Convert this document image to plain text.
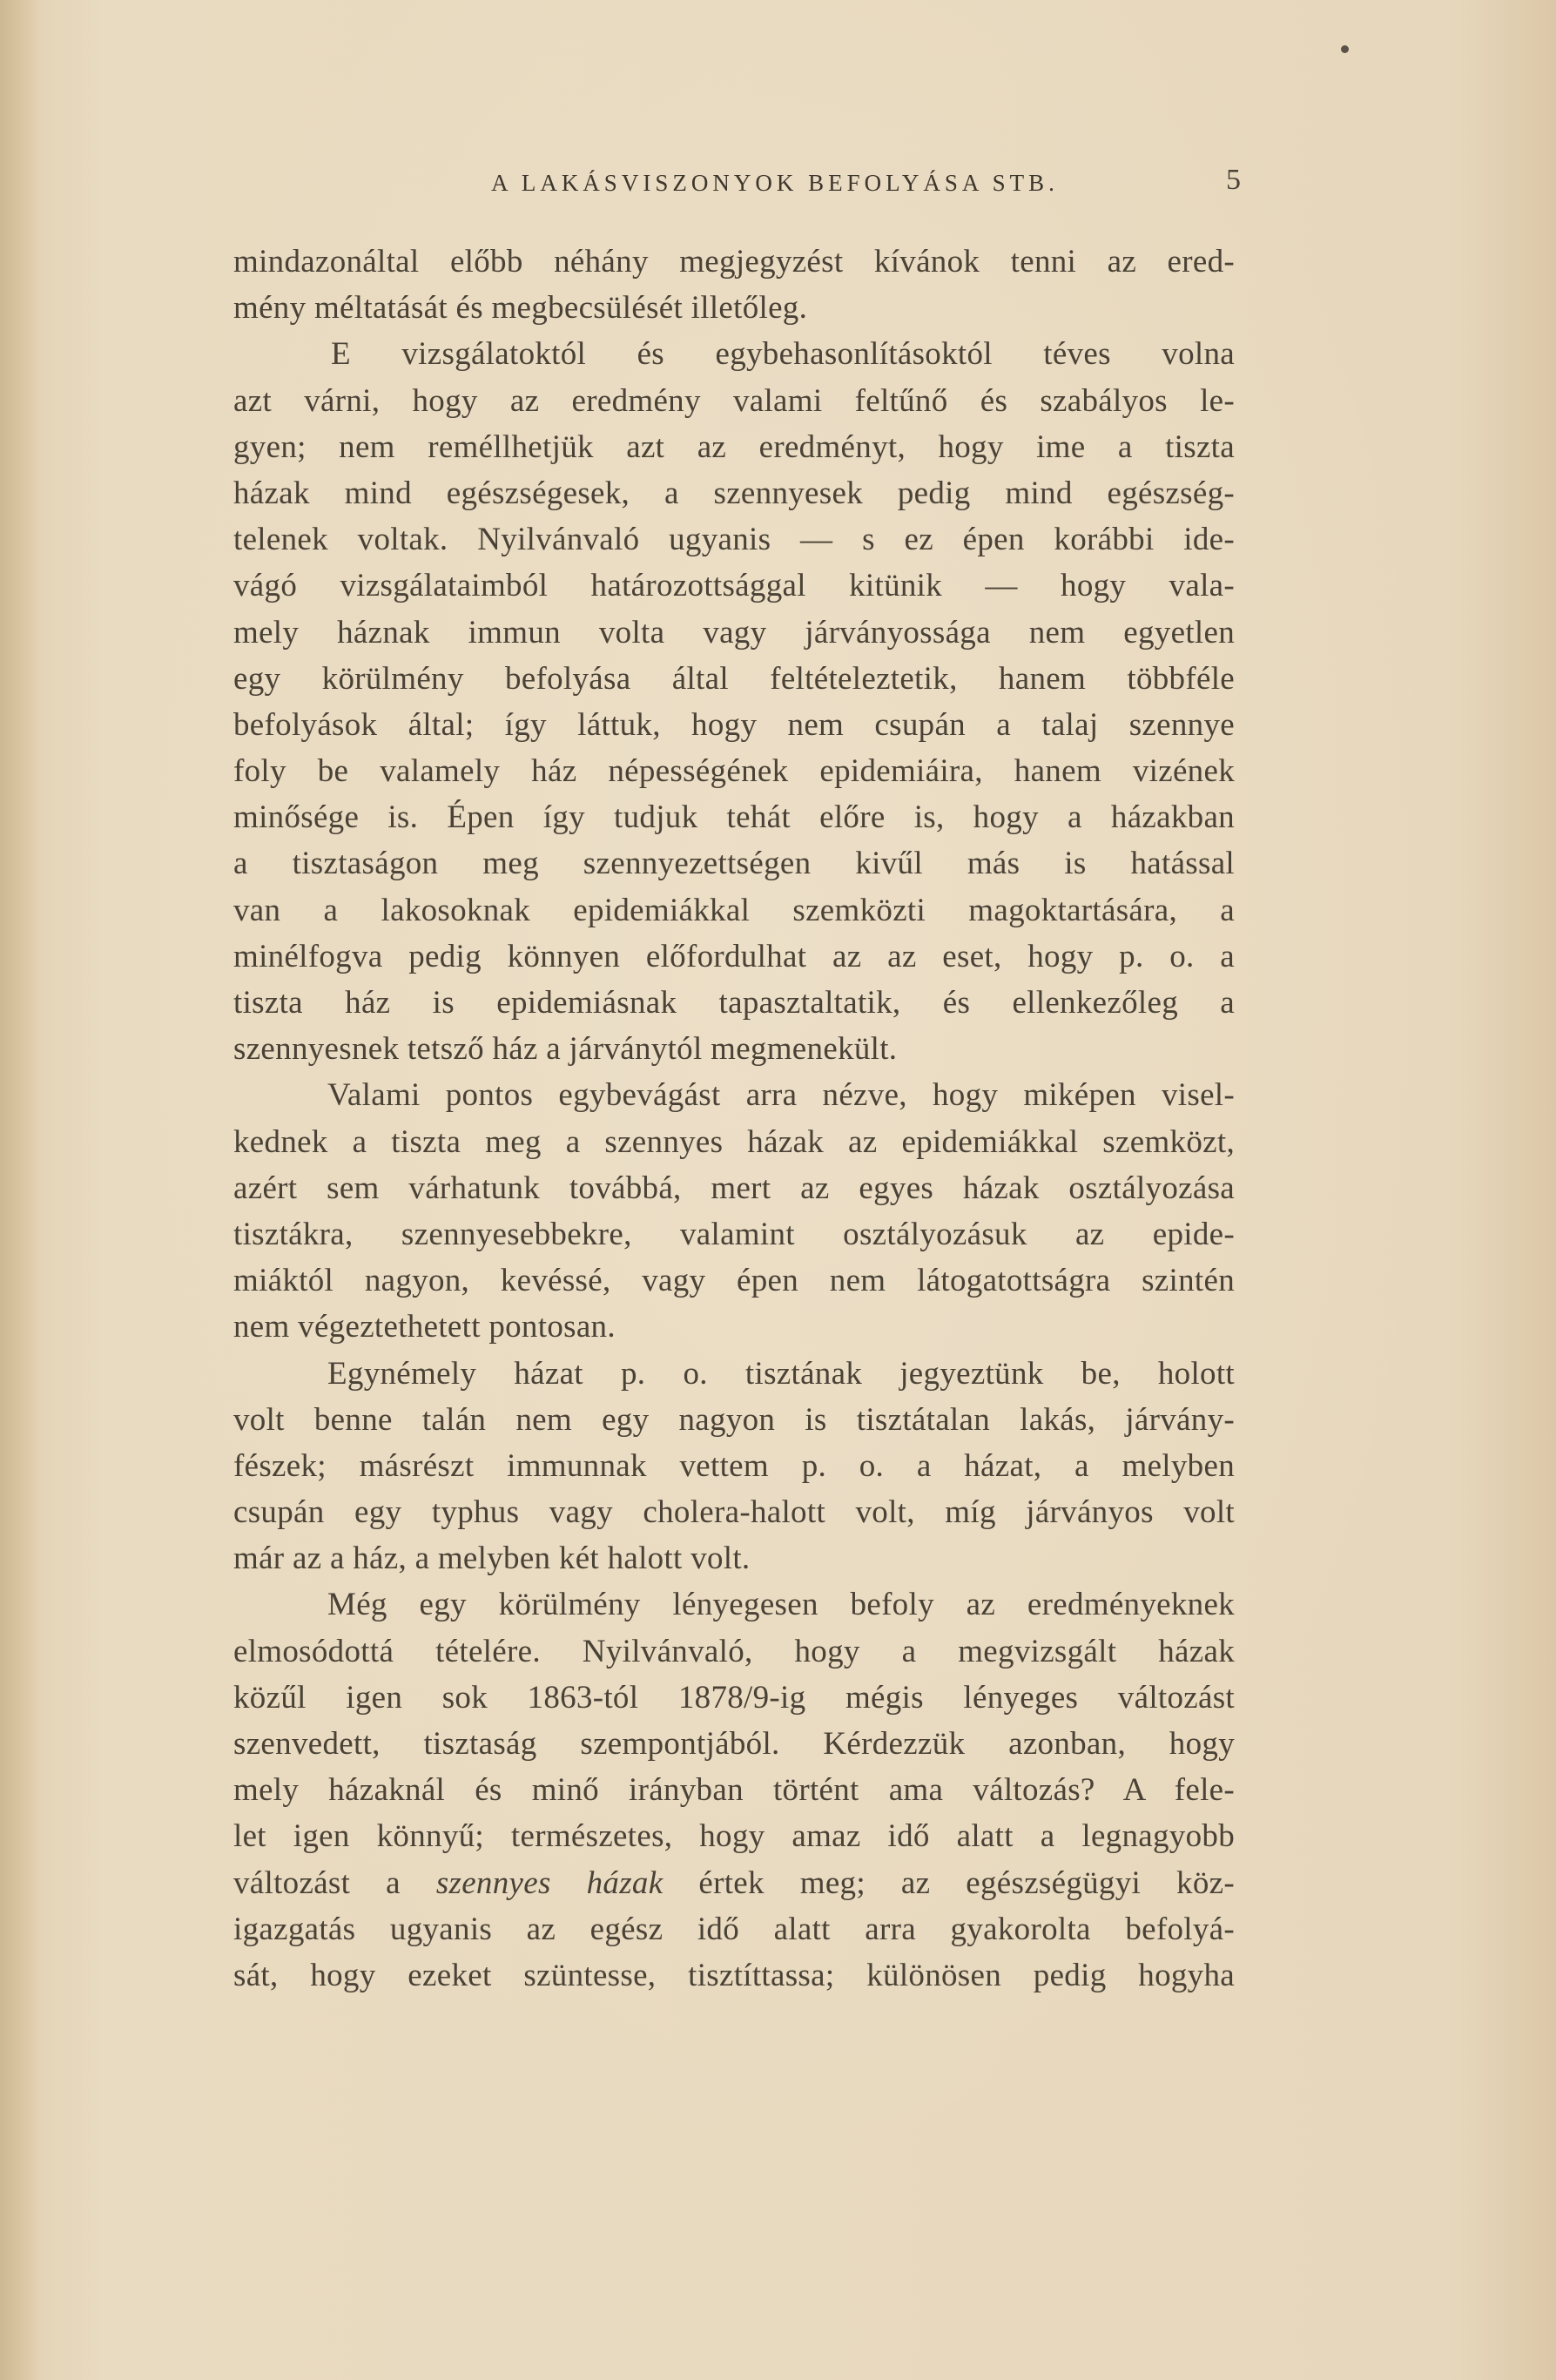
A LAKÁSVISZONYOK BEFOLYÁSA STB.	5

mindazonáltal előbb néhány megjegyzést kívánok tenni az ered-
mény méltatását és megbecsülését illetőleg.

E vizsgálatoktól és egybehasonlításoktól téves volna
azt várni, hogy az eredmény valami feltűnő és szabályos le-
gyen; nem reméllhetjük azt az eredményt, hogy ime a tiszta
házak mind egészségesek, a szennyesek pedig mind egészség-
telenek voltak. Nyilvánvaló ugyanis — s ez épen korábbi ide-
vágó vizsgálataimból határozottsággal kitünik — hogy vala-
mely háznak immun volta vagy járványossága nem egyetlen
egy körülmény befolyása által feltételeztetik, hanem többféle
befolyások által; így láttuk, hogy nem csupán a talaj szennye
foly be valamely ház népességének epidemiáira, hanem vizének
minősége is. Épen így tudjuk tehát előre is, hogy a házakban
a tisztaságon meg szennyezettségen kivűl más is hatással
van a lakosoknak epidemiákkal szemközti magoktartására, a
minélfogva pedig könnyen előfordulhat az az eset, hogy p. o. a
tiszta ház is epidemiásnak tapasztaltatik, és ellenkezőleg a
szennyesnek tetsző ház a járványtól megmenekült.

Valami pontos egybevágást arra nézve, hogy miképen visel-
kednek a tiszta meg a szennyes házak az epidemiákkal szemközt,
azért sem várhatunk továbbá, mert az egyes házak osztályozása
tisztákra, szennyesebbekre, valamint osztályozásuk az epide-
miáktól nagyon, kevéssé, vagy épen nem látogatottságra szintén
nem végeztethetett pontosan.

Egynémely házat p. o. tisztának jegyeztünk be, holott
volt benne talán nem egy nagyon is tisztátalan lakás, járvány-
fészek; másrészt immunnak vettem p. o. a házat, a melyben
csupán egy typhus vagy cholera-halott volt, míg járványos volt
már az a ház, a melyben két halott volt.

Még egy körülmény lényegesen befoly az eredményeknek
elmosódottá tételére. Nyilvánvaló, hogy a megvizsgált házak
közűl igen sok 1863-tól 1878/9-ig mégis lényeges változást
szenvedett, tisztaság szempontjából. Kérdezzük azonban, hogy
mely házaknál és minő irányban történt ama változás? A fele-
let igen könnyű; természetes, hogy amaz idő alatt a legnagyobb
változást a szennyes házak értek meg; az egészségügyi köz-
igazgatás ugyanis az egész idő alatt arra gyakorolta befolyá-
sát, hogy ezeket szüntesse, tisztíttassa; különösen pedig hogyha
